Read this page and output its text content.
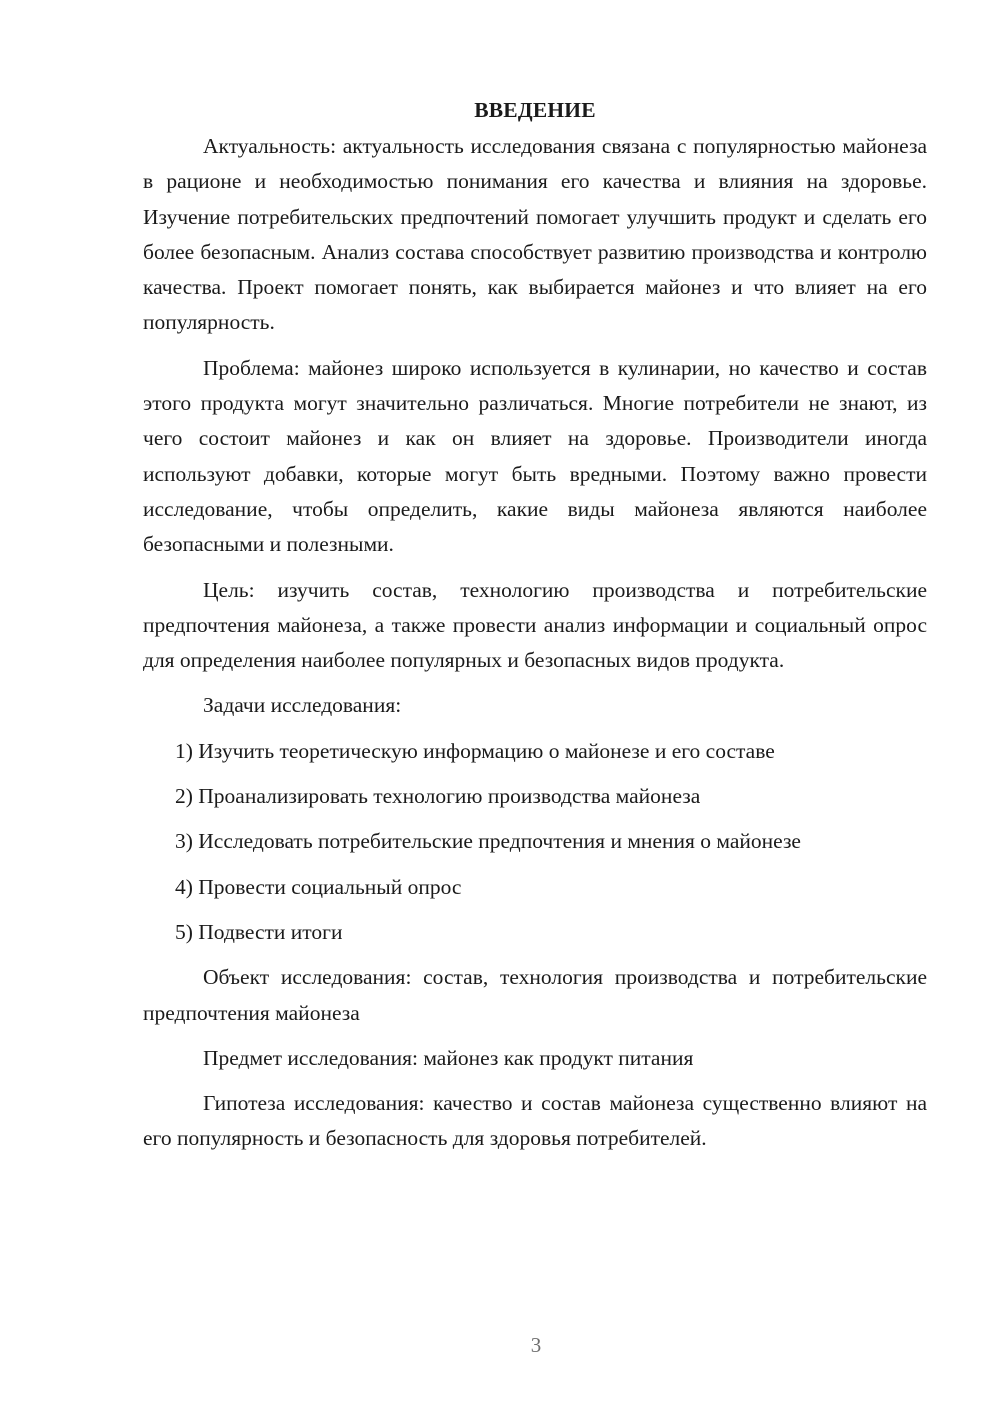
ВВЕДЕНИЕ

Актуальность: актуальность исследования связана с популярностью майонеза в рационе и необходимостью понимания его качества и влияния на здоровье. Изучение потребительских предпочтений помогает улучшить продукт и сделать его более безопасным. Анализ состава способствует развитию производства и контролю качества. Проект помогает понять, как выбирается майонез и что влияет на его популярность.

Проблема: майонез широко используется в кулинарии, но качество и состав этого продукта могут значительно различаться. Многие потребители не знают, из чего состоит майонез и как он влияет на здоровье. Производители иногда используют добавки, которые могут быть вредными. Поэтому важно провести исследование, чтобы определить, какие виды майонеза являются наиболее безопасными и полезными.

Цель: изучить состав, технологию производства и потребительские предпочтения майонеза, а также провести анализ информации и социальный опрос для определения наиболее популярных и безопасных видов продукта.

Задачи исследования:

1) Изучить теоретическую информацию о майонезе и его составе
2) Проанализировать технологию производства майонеза
3) Исследовать потребительские предпочтения и мнения о майонезе
4) Провести социальный опрос
5) Подвести итоги

Объект исследования: состав, технология производства и потребительские предпочтения майонеза

Предмет исследования: майонез как продукт питания

Гипотеза исследования: качество и состав майонеза существенно влияют на его популярность и безопасность для здоровья потребителей.

3
